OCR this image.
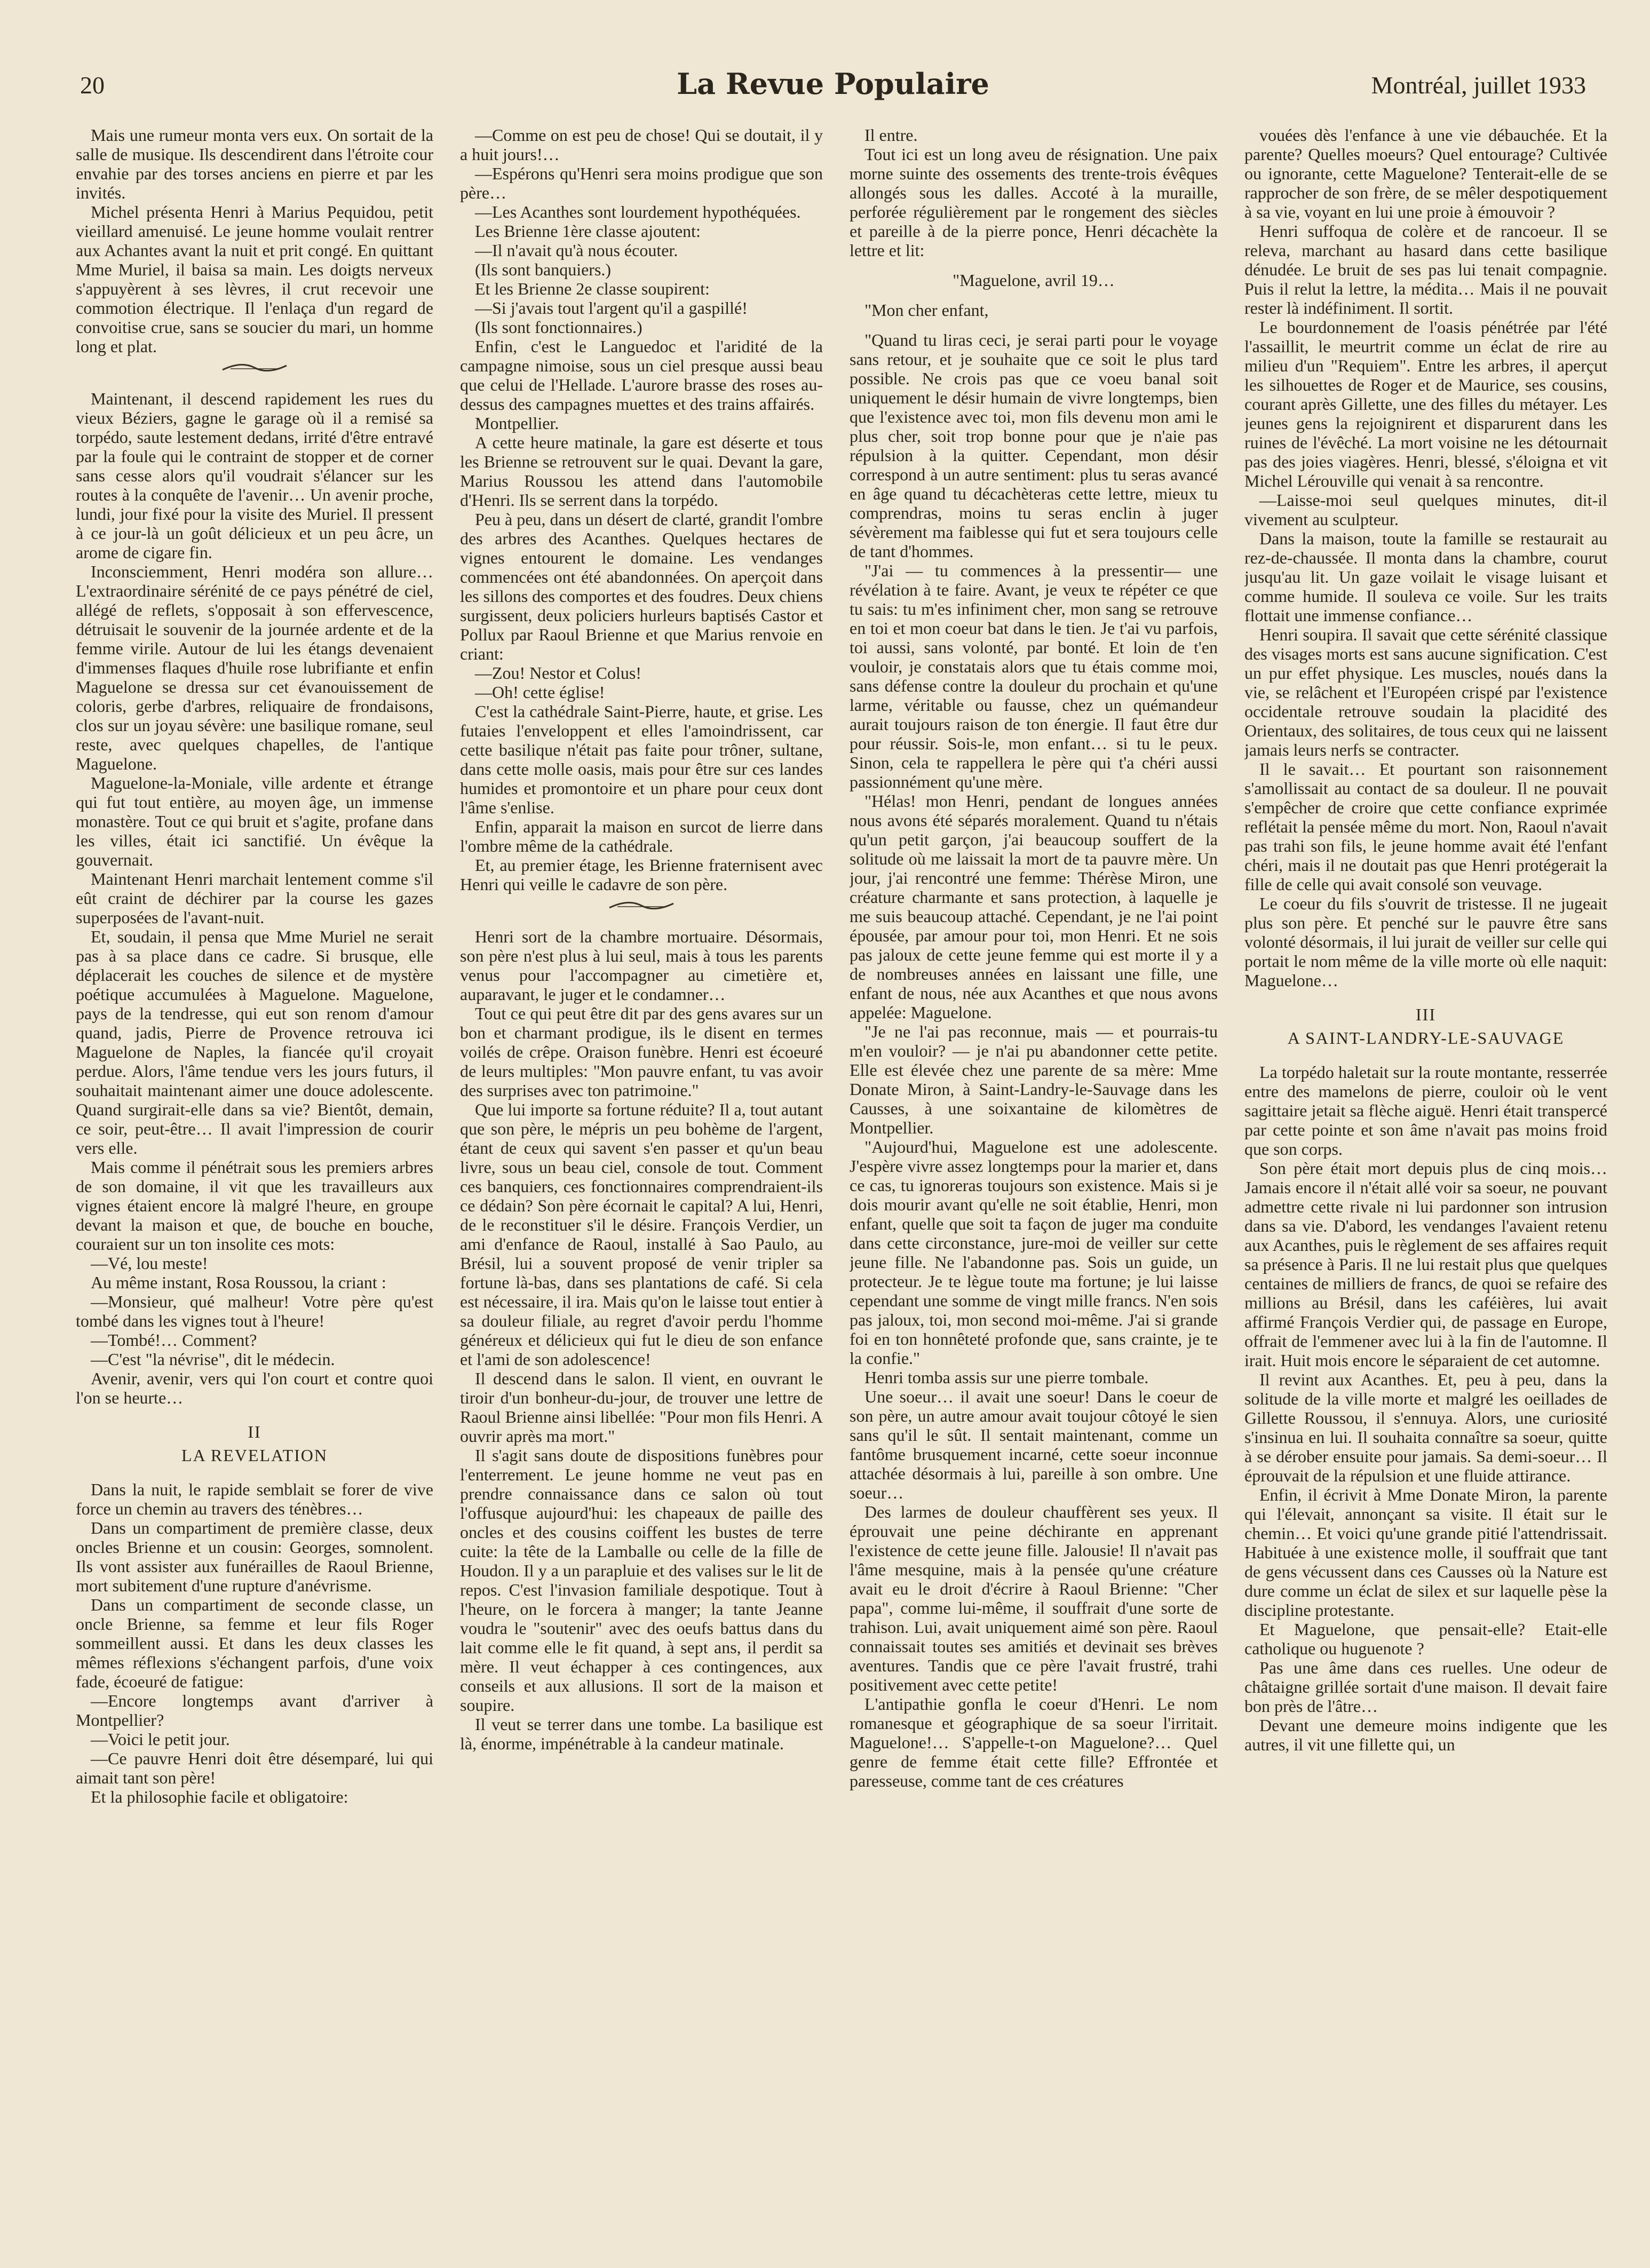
20	La Revue Populaire	Montréal, juillet 1933

Mais une rumeur monta vers eux. On sortait de la salle de musique. Ils descendirent dans l'étroite cour envahie par des torses anciens en pierre et par les invités.

Michel présenta Henri à Marius Pequidou, petit vieillard amenuisé. Le jeune homme voulait rentrer aux Achantes avant la nuit et prit congé. En quittant Mme Muriel, il baisa sa main. Les doigts nerveux s'appuyèrent à ses lèvres, il crut recevoir une commotion électrique. Il l'enlaça d'un regard de convoitise crue, sans se soucier du mari, un homme long et plat.

Maintenant, il descend rapidement les rues du vieux Béziers, gagne le garage où il a remisé sa torpédo, saute lestement dedans, irrité d'être entravé par la foule qui le contraint de stopper et de corner sans cesse alors qu'il voudrait s'élancer sur les routes à la conquête de l'avenir… Un avenir proche, lundi, jour fixé pour la visite des Muriel. Il pressent à ce jour-là un goût délicieux et un peu âcre, un arome de cigare fin.

Inconsciemment, Henri modéra son allure… L'extraordinaire sérénité de ce pays pénétré de ciel, allégé de reflets, s'opposait à son effervescence, détruisait le souvenir de la journée ardente et de la femme virile. Autour de lui les étangs devenaient d'immenses flaques d'huile rose lubrifiante et enfin Maguelone se dressa sur cet évanouissement de coloris, gerbe d'arbres, reliquaire de frondaisons, clos sur un joyau sévère: une basilique romane, seul reste, avec quelques chapelles, de l'antique Maguelone.

Maguelone-la-Moniale, ville ardente et étrange qui fut tout entière, au moyen âge, un immense monastère. Tout ce qui bruit et s'agite, profane dans les villes, était ici sanctifié. Un évêque la gouvernait.

Maintenant Henri marchait lentement comme s'il eût craint de déchirer par la course les gazes superposées de l'avant-nuit.

Et, soudain, il pensa que Mme Muriel ne serait pas à sa place dans ce cadre. Si brusque, elle déplacerait les couches de silence et de mystère poétique accumulées à Maguelone. Maguelone, pays de la tendresse, qui eut son renom d'amour quand, jadis, Pierre de Provence retrouva ici Maguelone de Naples, la fiancée qu'il croyait perdue. Alors, l'âme tendue vers les jours futurs, il souhaitait maintenant aimer une douce adolescente. Quand surgirait-elle dans sa vie? Bientôt, demain, ce soir, peut-être… Il avait l'impression de courir vers elle.

Mais comme il pénétrait sous les premiers arbres de son domaine, il vit que les travailleurs aux vignes étaient encore là malgré l'heure, en groupe devant la maison et que, de bouche en bouche, couraient sur un ton insolite ces mots:

—Vé, lou meste!

Au même instant, Rosa Roussou, la criant :

—Monsieur, qué malheur! Votre père qu'est tombé dans les vignes tout à l'heure!

—Tombé!… Comment?

—C'est "la névrise", dit le médecin.

Avenir, avenir, vers qui l'on court et contre quoi l'on se heurte…

II
LA REVELATION

Dans la nuit, le rapide semblait se forer de vive force un chemin au travers des ténèbres…

Dans un compartiment de première classe, deux oncles Brienne et un cousin: Georges, somnolent. Ils vont assister aux funérailles de Raoul Brienne, mort subitement d'une rupture d'anévrisme.

Dans un compartiment de seconde classe, un oncle Brienne, sa femme et leur fils Roger sommeillent aussi. Et dans les deux classes les mêmes réflexions s'échangent parfois, d'une voix fade, écoeuré de fatigue:

—Encore longtemps avant d'arriver à Montpellier?

—Voici le petit jour.

—Ce pauvre Henri doit être désemparé, lui qui aimait tant son père!

Et la philosophie facile et obligatoire:

—Comme on est peu de chose! Qui se doutait, il y a huit jours!…

—Espérons qu'Henri sera moins prodigue que son père…

—Les Acanthes sont lourdement hypothéquées.

Les Brienne 1ère classe ajoutent:

—Il n'avait qu'à nous écouter.

(Ils sont banquiers.)

Et les Brienne 2e classe soupirent:

—Si j'avais tout l'argent qu'il a gaspillé!

(Ils sont fonctionnaires.)

Enfin, c'est le Languedoc et l'aridité de la campagne nimoise, sous un ciel presque aussi beau que celui de l'Hellade. L'aurore brasse des roses au-dessus des campagnes muettes et des trains affairés.

Montpellier.

A cette heure matinale, la gare est déserte et tous les Brienne se retrouvent sur le quai. Devant la gare, Marius Roussou les attend dans l'automobile d'Henri. Ils se serrent dans la torpédo.

Peu à peu, dans un désert de clarté, grandit l'ombre des arbres des Acanthes. Quelques hectares de vignes entourent le domaine. Les vendanges commencées ont été abandonnées. On aperçoit dans les sillons des comportes et des foudres. Deux chiens surgissent, deux policiers hurleurs baptisés Castor et Pollux par Raoul Brienne et que Marius renvoie en criant:

—Zou! Nestor et Colus!

—Oh! cette église!

C'est la cathédrale Saint-Pierre, haute, et grise. Les futaies l'enveloppent et elles l'amoindrissent, car cette basilique n'était pas faite pour trôner, sultane, dans cette molle oasis, mais pour être sur ces landes humides et promontoire et un phare pour ceux dont l'âme s'enlise.

Enfin, apparait la maison en surcot de lierre dans l'ombre même de la cathédrale.

Et, au premier étage, les Brienne fraternisent avec Henri qui veille le cadavre de son père.

Henri sort de la chambre mortuaire. Désormais, son père n'est plus à lui seul, mais à tous les parents venus pour l'accompagner au cimetière et, auparavant, le juger et le condamner…

Tout ce qui peut être dit par des gens avares sur un bon et charmant prodigue, ils le disent en termes voilés de crêpe. Oraison funèbre. Henri est écoeuré de leurs multiples: "Mon pauvre enfant, tu vas avoir des surprises avec ton patrimoine."

Que lui importe sa fortune réduite? Il a, tout autant que son père, le mépris un peu bohème de l'argent, étant de ceux qui savent s'en passer et qu'un beau livre, sous un beau ciel, console de tout. Comment ces banquiers, ces fonctionnaires comprendraient-ils ce dédain? Son père écornait le capital? A lui, Henri, de le reconstituer s'il le désire. François Verdier, un ami d'enfance de Raoul, installé à Sao Paulo, au Brésil, lui a souvent proposé de venir tripler sa fortune là-bas, dans ses plantations de café. Si cela est nécessaire, il ira. Mais qu'on le laisse tout entier à sa douleur filiale, au regret d'avoir perdu l'homme généreux et délicieux qui fut le dieu de son enfance et l'ami de son adolescence!

Il descend dans le salon. Il vient, en ouvrant le tiroir d'un bonheur-du-jour, de trouver une lettre de Raoul Brienne ainsi libellée: "Pour mon fils Henri. A ouvrir après ma mort."

Il s'agit sans doute de dispositions funèbres pour l'enterrement. Le jeune homme ne veut pas en prendre connaissance dans ce salon où tout l'offusque aujourd'hui: les chapeaux de paille des oncles et des cousins coiffent les bustes de terre cuite: la tête de la Lamballe ou celle de la fille de Houdon. Il y a un parapluie et des valises sur le lit de repos. C'est l'invasion familiale despotique. Tout à l'heure, on le forcera à manger; la tante Jeanne voudra le "soutenir" avec des oeufs battus dans du lait comme elle le fit quand, à sept ans, il perdit sa mère. Il veut échapper à ces contingences, aux conseils et aux allusions. Il sort de la maison et soupire.

Il veut se terrer dans une tombe. La basilique est là, énorme, impénétrable à la candeur matinale.

Il entre.

Tout ici est un long aveu de résignation. Une paix morne suinte des ossements des trente-trois évêques allongés sous les dalles. Accoté à la muraille, perforée régulièrement par le rongement des siècles et pareille à de la pierre ponce, Henri décachète la lettre et lit:

"Maguelone, avril 19…

"Mon cher enfant,

"Quand tu liras ceci, je serai parti pour le voyage sans retour, et je souhaite que ce soit le plus tard possible. Ne crois pas que ce voeu banal soit uniquement le désir humain de vivre longtemps, bien que l'existence avec toi, mon fils devenu mon ami le plus cher, soit trop bonne pour que je n'aie pas répulsion à la quitter. Cependant, mon désir correspond à un autre sentiment: plus tu seras avancé en âge quand tu décachèteras cette lettre, mieux tu comprendras, moins tu seras enclin à juger sévèrement ma faiblesse qui fut et sera toujours celle de tant d'hommes.

"J'ai — tu commences à la pressentir— une révélation à te faire. Avant, je veux te répéter ce que tu sais: tu m'es infiniment cher, mon sang se retrouve en toi et mon coeur bat dans le tien. Je t'ai vu parfois, toi aussi, sans volonté, par bonté. Et loin de t'en vouloir, je constatais alors que tu étais comme moi, sans défense contre la douleur du prochain et qu'une larme, véritable ou fausse, chez un quémandeur aurait toujours raison de ton énergie. Il faut être dur pour réussir. Sois-le, mon enfant… si tu le peux. Sinon, cela te rappellera le père qui t'a chéri aussi passionnément qu'une mère.

"Hélas! mon Henri, pendant de longues années nous avons été séparés moralement. Quand tu n'étais qu'un petit garçon, j'ai beaucoup souffert de la solitude où me laissait la mort de ta pauvre mère. Un jour, j'ai rencontré une femme: Thérèse Miron, une créature charmante et sans protection, à laquelle je me suis beaucoup attaché. Cependant, je ne l'ai point épousée, par amour pour toi, mon Henri. Et ne sois pas jaloux de cette jeune femme qui est morte il y a de nombreuses années en laissant une fille, une enfant de nous, née aux Acanthes et que nous avons appelée: Maguelone.

"Je ne l'ai pas reconnue, mais — et pourrais-tu m'en vouloir? — je n'ai pu abandonner cette petite. Elle est élevée chez une parente de sa mère: Mme Donate Miron, à Saint-Landry-le-Sauvage dans les Causses, à une soixantaine de kilomètres de Montpellier.

"Aujourd'hui, Maguelone est une adolescente. J'espère vivre assez longtemps pour la marier et, dans ce cas, tu ignoreras toujours son existence. Mais si je dois mourir avant qu'elle ne soit établie, Henri, mon enfant, quelle que soit ta façon de juger ma conduite dans cette circonstance, jure-moi de veiller sur cette jeune fille. Ne l'abandonne pas. Sois un guide, un protecteur. Je te lègue toute ma fortune; je lui laisse cependant une somme de vingt mille francs. N'en sois pas jaloux, toi, mon second moi-même. J'ai si grande foi en ton honnêteté profonde que, sans crainte, je te la confie."

Henri tomba assis sur une pierre tombale.

Une soeur… il avait une soeur! Dans le coeur de son père, un autre amour avait toujour côtoyé le sien sans qu'il le sût. Il sentait maintenant, comme un fantôme brusquement incarné, cette soeur inconnue attachée désormais à lui, pareille à son ombre. Une soeur…

Des larmes de douleur chauffèrent ses yeux. Il éprouvait une peine déchirante en apprenant l'existence de cette jeune fille. Jalousie! Il n'avait pas l'âme mesquine, mais à la pensée qu'une créature avait eu le droit d'écrire à Raoul Brienne: "Cher papa", comme lui-même, il souffrait d'une sorte de trahison. Lui, avait uniquement aimé son père. Raoul connaissait toutes ses amitiés et devinait ses brèves aventures. Tandis que ce père l'avait frustré, trahi positivement avec cette petite!

L'antipathie gonfla le coeur d'Henri. Le nom romanesque et géographique de sa soeur l'irritait. Maguelone!… S'appelle-t-on Maguelone?… Quel genre de femme était cette fille? Effrontée et paresseuse, comme tant de ces créatures

vouées dès l'enfance à une vie débauchée. Et la parente? Quelles moeurs? Quel entourage? Cultivée ou ignorante, cette Maguelone? Tenterait-elle de se rapprocher de son frère, de se mêler despotiquement à sa vie, voyant en lui une proie à émouvoir ?

Henri suffoqua de colère et de rancoeur. Il se releva, marchant au hasard dans cette basilique dénudée. Le bruit de ses pas lui tenait compagnie. Puis il relut la lettre, la médita… Mais il ne pouvait rester là indéfiniment. Il sortit.

Le bourdonnement de l'oasis pénétrée par l'été l'assaillit, le meurtrit comme un éclat de rire au milieu d'un "Requiem". Entre les arbres, il aperçut les silhouettes de Roger et de Maurice, ses cousins, courant après Gillette, une des filles du métayer. Les jeunes gens la rejoignirent et disparurent dans les ruines de l'évêché. La mort voisine ne les détournait pas des joies viagères. Henri, blessé, s'éloigna et vit Michel Lérouville qui venait à sa rencontre.

—Laisse-moi seul quelques minutes, dit-il vivement au sculpteur.

Dans la maison, toute la famille se restaurait au rez-de-chaussée. Il monta dans la chambre, courut jusqu'au lit. Un gaze voilait le visage luisant et comme humide. Il souleva ce voile. Sur les traits flottait une immense confiance…

Henri soupira. Il savait que cette sérénité classique des visages morts est sans aucune signification. C'est un pur effet physique. Les muscles, noués dans la vie, se relâchent et l'Européen crispé par l'existence occidentale retrouve soudain la placidité des Orientaux, des solitaires, de tous ceux qui ne laissent jamais leurs nerfs se contracter.

Il le savait… Et pourtant son raisonnement s'amollissait au contact de sa douleur. Il ne pouvait s'empêcher de croire que cette confiance exprimée reflétait la pensée même du mort. Non, Raoul n'avait pas trahi son fils, le jeune homme avait été l'enfant chéri, mais il ne doutait pas que Henri protégerait la fille de celle qui avait consolé son veuvage.

Le coeur du fils s'ouvrit de tristesse. Il ne jugeait plus son père. Et penché sur le pauvre être sans volonté désormais, il lui jurait de veiller sur celle qui portait le nom même de la ville morte où elle naquit: Maguelone…

III
A SAINT-LANDRY-LE-SAUVAGE

La torpédo haletait sur la route montante, resserrée entre des mamelons de pierre, couloir où le vent sagittaire jetait sa flèche aiguë. Henri était transpercé par cette pointe et son âme n'avait pas moins froid que son corps.

Son père était mort depuis plus de cinq mois… Jamais encore il n'était allé voir sa soeur, ne pouvant admettre cette rivale ni lui pardonner son intrusion dans sa vie. D'abord, les vendanges l'avaient retenu aux Acanthes, puis le règlement de ses affaires requit sa présence à Paris. Il ne lui restait plus que quelques centaines de milliers de francs, de quoi se refaire des millions au Brésil, dans les caféières, lui avait affirmé François Verdier qui, de passage en Europe, offrait de l'emmener avec lui à la fin de l'automne. Il irait. Huit mois encore le séparaient de cet automne.

Il revint aux Acanthes. Et, peu à peu, dans la solitude de la ville morte et malgré les oeillades de Gillette Roussou, il s'ennuya. Alors, une curiosité s'insinua en lui. Il souhaita connaître sa soeur, quitte à se dérober ensuite pour jamais. Sa demi-soeur… Il éprouvait de la répulsion et une fluide attirance.

Enfin, il écrivit à Mme Donate Miron, la parente qui l'élevait, annonçant sa visite. Il était sur le chemin… Et voici qu'une grande pitié l'attendrissait. Habituée à une existence molle, il souffrait que tant de gens vécussent dans ces Causses où la Nature est dure comme un éclat de silex et sur laquelle pèse la discipline protestante.

Et Maguelone, que pensait-elle? Etait-elle catholique ou huguenote ?

Pas une âme dans ces ruelles. Une odeur de châtaigne grillée sortait d'une maison. Il devait faire bon près de l'âtre…

Devant une demeure moins indigente que les autres, il vit une fillette qui, un
